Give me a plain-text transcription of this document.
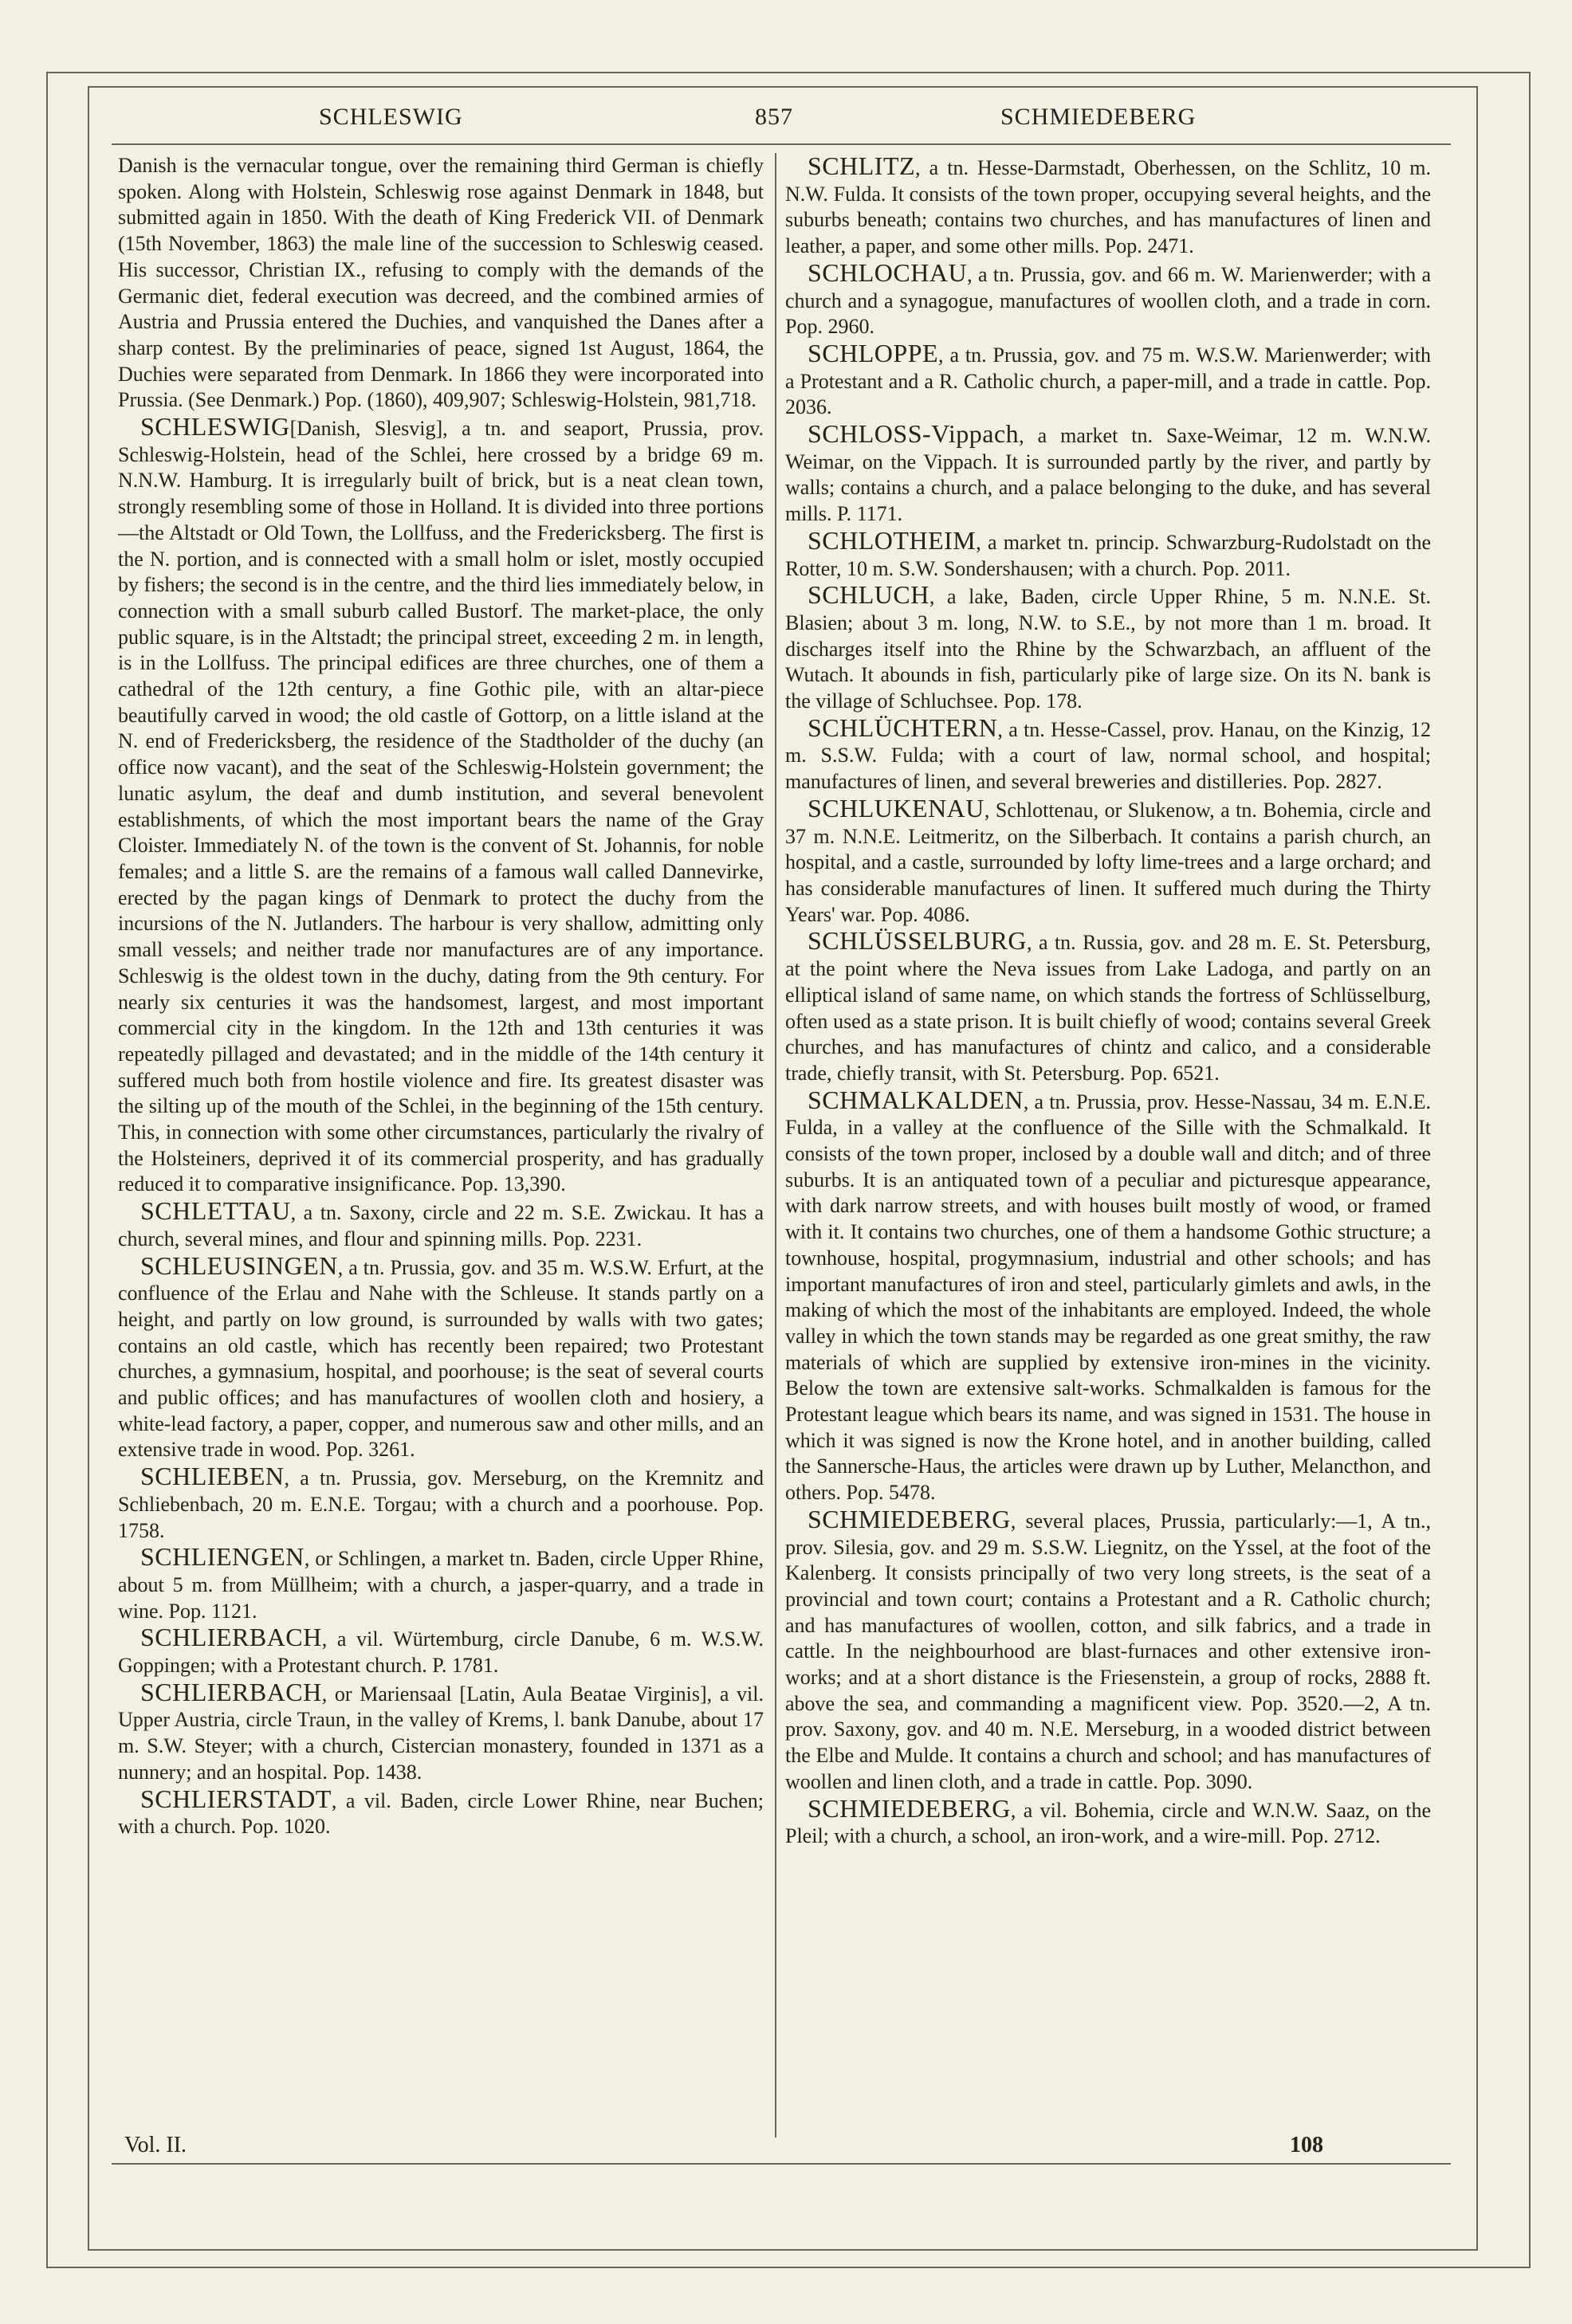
SCHLESWIG	857	SCHMIEDEBERG

Danish is the vernacular tongue, over the remaining third German is chiefly spoken. Along with Holstein, Schleswig rose against Denmark in 1848, but submitted again in 1850. With the death of King Frederick VII. of Denmark (15th November, 1863) the male line of the succession to Schleswig ceased. His successor, Christian IX., refusing to comply with the demands of the Germanic diet, federal execution was decreed, and the combined armies of Austria and Prussia entered the Duchies, and vanquished the Danes after a sharp contest. By the preliminaries of peace, signed 1st August, 1864, the Duchies were separated from Denmark. In 1866 they were incorporated into Prussia. (See Denmark.) Pop. (1860), 409,907; Schleswig-Holstein, 981,718.

SCHLESWIG[Danish, Slesvig], a tn. and seaport, Prussia, prov. Schleswig-Holstein, head of the Schlei, here crossed by a bridge 69 m. N.N.W. Hamburg. It is irregularly built of brick, but is a neat clean town, strongly resembling some of those in Holland. It is divided into three portions—the Altstadt or Old Town, the Lollfuss, and the Fredericksberg. The first is the N. portion, and is connected with a small holm or islet, mostly occupied by fishers; the second is in the centre, and the third lies immediately below, in connection with a small suburb called Bustorf. The market-place, the only public square, is in the Altstadt; the principal street, exceeding 2 m. in length, is in the Lollfuss. The principal edifices are three churches, one of them a cathedral of the 12th century, a fine Gothic pile, with an altar-piece beautifully carved in wood; the old castle of Gottorp, on a little island at the N. end of Fredericksberg, the residence of the Stadtholder of the duchy (an office now vacant), and the seat of the Schleswig-Holstein government; the lunatic asylum, the deaf and dumb institution, and several benevolent establishments, of which the most important bears the name of the Gray Cloister. Immediately N. of the town is the convent of St. Johannis, for noble females; and a little S. are the remains of a famous wall called Dannevirke, erected by the pagan kings of Denmark to protect the duchy from the incursions of the N. Jutlanders. The harbour is very shallow, admitting only small vessels; and neither trade nor manufactures are of any importance. Schleswig is the oldest town in the duchy, dating from the 9th century. For nearly six centuries it was the handsomest, largest, and most important commercial city in the kingdom. In the 12th and 13th centuries it was repeatedly pillaged and devastated; and in the middle of the 14th century it suffered much both from hostile violence and fire. Its greatest disaster was the silting up of the mouth of the Schlei, in the beginning of the 15th century. This, in connection with some other circumstances, particularly the rivalry of the Holsteiners, deprived it of its commercial prosperity, and has gradually reduced it to comparative insignificance. Pop. 13,390.

SCHLETTAU, a tn. Saxony, circle and 22 m. S.E. Zwickau. It has a church, several mines, and flour and spinning mills. Pop. 2231.

SCHLEUSINGEN, a tn. Prussia, gov. and 35 m. W.S.W. Erfurt, at the confluence of the Erlau and Nahe with the Schleuse. It stands partly on a height, and partly on low ground, is surrounded by walls with two gates; contains an old castle, which has recently been repaired; two Protestant churches, a gymnasium, hospital, and poorhouse; is the seat of several courts and public offices; and has manufactures of woollen cloth and hosiery, a white-lead factory, a paper, copper, and numerous saw and other mills, and an extensive trade in wood. Pop. 3261.

SCHLIEBEN, a tn. Prussia, gov. Merseburg, on the Kremnitz and Schliebenbach, 20 m. E.N.E. Torgau; with a church and a poorhouse. Pop. 1758.

SCHLIENGEN, or Schlingen, a market tn. Baden, circle Upper Rhine, about 5 m. from Müllheim; with a church, a jasper-quarry, and a trade in wine. Pop. 1121.

SCHLIERBACH, a vil. Würtemburg, circle Danube, 6 m. W.S.W. Goppingen; with a Protestant church. P. 1781.

SCHLIERBACH, or Mariensaal [Latin, Aula Beatae Virginis], a vil. Upper Austria, circle Traun, in the valley of Krems, l. bank Danube, about 17 m. S.W. Steyer; with a church, Cistercian monastery, founded in 1371 as a nunnery; and an hospital. Pop. 1438.

SCHLIERSTADT, a vil. Baden, circle Lower Rhine, near Buchen; with a church. Pop. 1020.

SCHLITZ, a tn. Hesse-Darmstadt, Oberhessen, on the Schlitz, 10 m. N.W. Fulda. It consists of the town proper, occupying several heights, and the suburbs beneath; contains two churches, and has manufactures of linen and leather, a paper, and some other mills. Pop. 2471.

SCHLOCHAU, a tn. Prussia, gov. and 66 m. W. Marienwerder; with a church and a synagogue, manufactures of woollen cloth, and a trade in corn. Pop. 2960.

SCHLOPPE, a tn. Prussia, gov. and 75 m. W.S.W. Marienwerder; with a Protestant and a R. Catholic church, a paper-mill, and a trade in cattle. Pop. 2036.

SCHLOSS-Vippach, a market tn. Saxe-Weimar, 12 m. W.N.W. Weimar, on the Vippach. It is surrounded partly by the river, and partly by walls; contains a church, and a palace belonging to the duke, and has several mills. P. 1171.

SCHLOTHEIM, a market tn. princip. Schwarzburg-Rudolstadt on the Rotter, 10 m. S.W. Sondershausen; with a church. Pop. 2011.

SCHLUCH, a lake, Baden, circle Upper Rhine, 5 m. N.N.E. St. Blasien; about 3 m. long, N.W. to S.E., by not more than 1 m. broad. It discharges itself into the Rhine by the Schwarzbach, an affluent of the Wutach. It abounds in fish, particularly pike of large size. On its N. bank is the village of Schluchsee. Pop. 178.

SCHLÜCHTERN, a tn. Hesse-Cassel, prov. Hanau, on the Kinzig, 12 m. S.S.W. Fulda; with a court of law, normal school, and hospital; manufactures of linen, and several breweries and distilleries. Pop. 2827.

SCHLUKENAU, Schlottenau, or Slukenow, a tn. Bohemia, circle and 37 m. N.N.E. Leitmeritz, on the Silberbach. It contains a parish church, an hospital, and a castle, surrounded by lofty lime-trees and a large orchard; and has considerable manufactures of linen. It suffered much during the Thirty Years' war. Pop. 4086.

SCHLÜSSELBURG, a tn. Russia, gov. and 28 m. E. St. Petersburg, at the point where the Neva issues from Lake Ladoga, and partly on an elliptical island of same name, on which stands the fortress of Schlüsselburg, often used as a state prison. It is built chiefly of wood; contains several Greek churches, and has manufactures of chintz and calico, and a considerable trade, chiefly transit, with St. Petersburg. Pop. 6521.

SCHMALKALDEN, a tn. Prussia, prov. Hesse-Nassau, 34 m. E.N.E. Fulda, in a valley at the confluence of the Sille with the Schmalkald. It consists of the town proper, inclosed by a double wall and ditch; and of three suburbs. It is an antiquated town of a peculiar and picturesque appearance, with dark narrow streets, and with houses built mostly of wood, or framed with it. It contains two churches, one of them a handsome Gothic structure; a townhouse, hospital, progymnasium, industrial and other schools; and has important manufactures of iron and steel, particularly gimlets and awls, in the making of which the most of the inhabitants are employed. Indeed, the whole valley in which the town stands may be regarded as one great smithy, the raw materials of which are supplied by extensive iron-mines in the vicinity. Below the town are extensive salt-works. Schmalkalden is famous for the Protestant league which bears its name, and was signed in 1531. The house in which it was signed is now the Krone hotel, and in another building, called the Sannersche-Haus, the articles were drawn up by Luther, Melancthon, and others. Pop. 5478.

SCHMIEDEBERG, several places, Prussia, particularly:—1, A tn., prov. Silesia, gov. and 29 m. S.S.W. Liegnitz, on the Yssel, at the foot of the Kalenberg. It consists principally of two very long streets, is the seat of a provincial and town court; contains a Protestant and a R. Catholic church; and has manufactures of woollen, cotton, and silk fabrics, and a trade in cattle. In the neighbourhood are blast-furnaces and other extensive iron-works; and at a short distance is the Friesenstein, a group of rocks, 2888 ft. above the sea, and commanding a magnificent view. Pop. 3520.—2, A tn. prov. Saxony, gov. and 40 m. N.E. Merseburg, in a wooded district between the Elbe and Mulde. It contains a church and school; and has manufactures of woollen and linen cloth, and a trade in cattle. Pop. 3090.

SCHMIEDEBERG, a vil. Bohemia, circle and W.N.W. Saaz, on the Pleil; with a church, a school, an iron-work, and a wire-mill. Pop. 2712.

Vol. II.	108
